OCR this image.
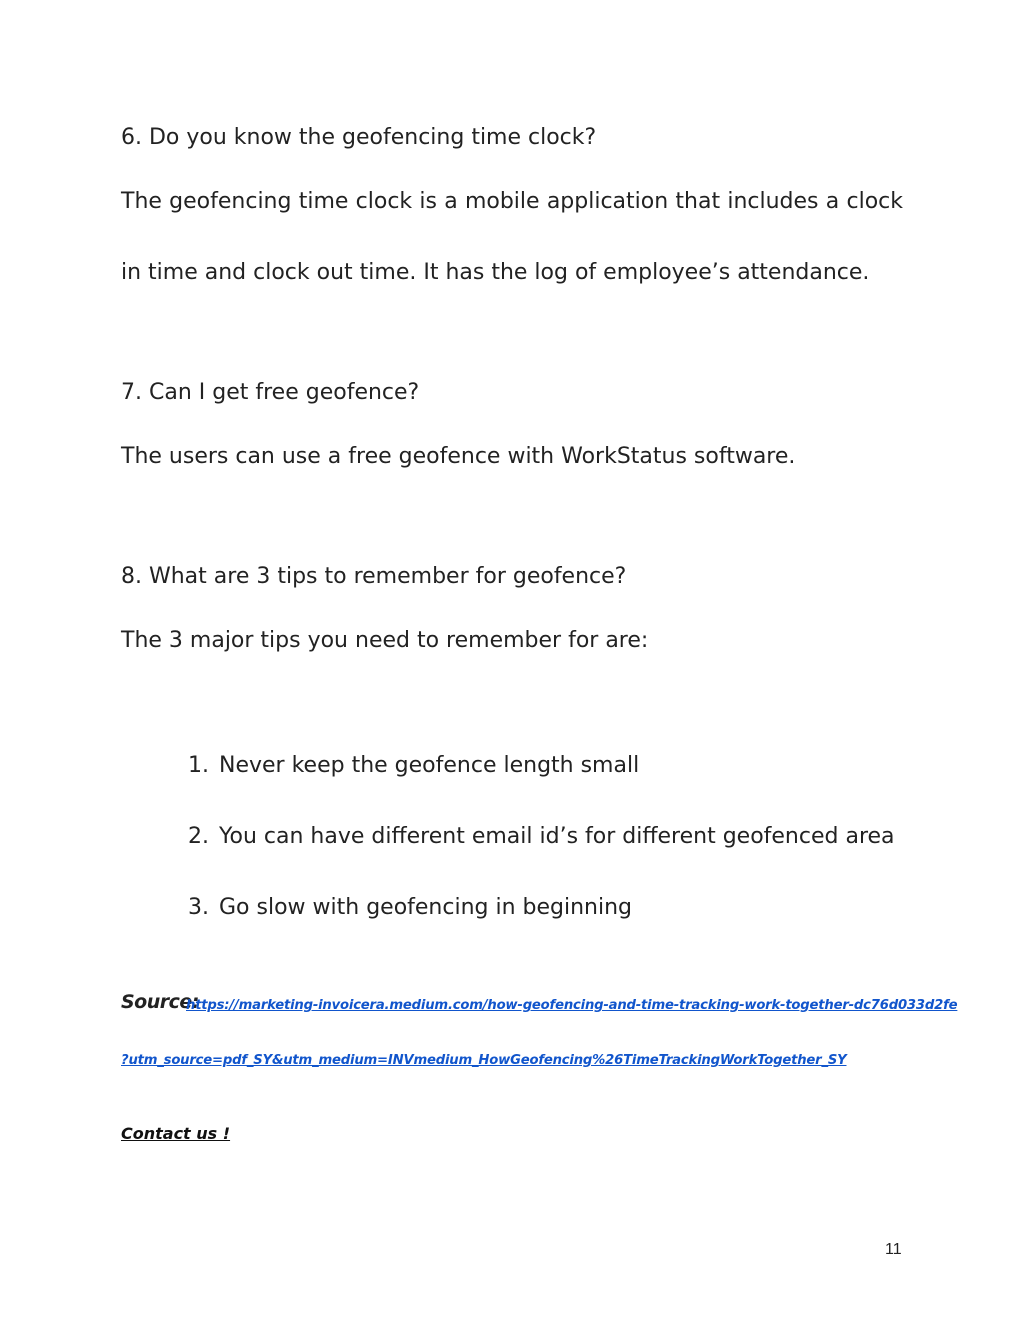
6. Do you know the geofencing time clock?
The geofencing time clock is a mobile application that includes a clock
in time and clock out time. It has the log of employee’s attendance.
7. Can I get free geofence?
The users can use a free geofence with WorkStatus software.
8. What are 3 tips to remember for geofence?
The 3 major tips you need to remember for are:
1. Never keep the geofence length small
2. You can have different email id’s for different geofenced area
3. Go slow with geofencing in beginning
Source:
https://marketing-invoicera.medium.com/how-geofencing-and-time-tracking-work-together-dc76d033d2fe
?utm_source=pdf_SY&utm_medium=INVmedium_HowGeofencing%26TimeTrackingWorkTogether_SY
Contact us !
11
